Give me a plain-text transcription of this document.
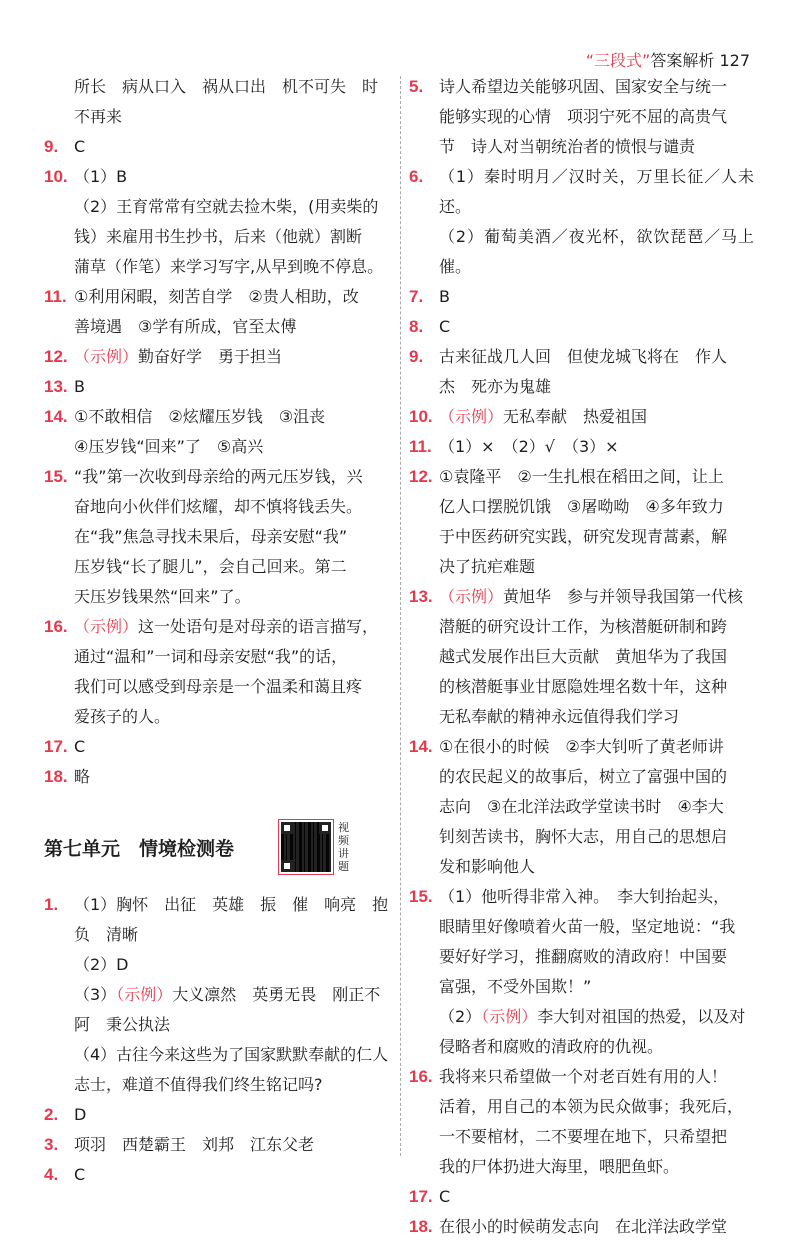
“三段式”答案解析 127
所长　病从口入　祸从口出　机不可失　时
不再来
9. C
10. （1）B
（2）王育常常有空就去捡木柴，(用卖柴的
钱）来雇用书生抄书，后来（他就）割断
蒲草（作笔）来学习写字,从早到晚不停息。
11. ①利用闲暇，刻苦自学　②贵人相助，改
善境遇　③学有所成，官至太傅
12. （示例）勤奋好学　勇于担当
13. B
14. ①不敢相信　②炫耀压岁钱　③沮丧
④压岁钱“回来”了　⑤高兴
15. “我”第一次收到母亲给的两元压岁钱，兴
奋地向小伙伴们炫耀，却不慎将钱丢失。
在“我”焦急寻找未果后，母亲安慰“我”
压岁钱“长了腿儿”，会自己回来。第二
天压岁钱果然“回来”了。
16. （示例）这一处语句是对母亲的语言描写，
通过“温和”一词和母亲安慰“我”的话，
我们可以感受到母亲是一个温柔和蔼且疼
爱孩子的人。
17. C
18. 略
第七单元　情境检测卷
视频讲题
1. （1）胸怀　出征　英雄　振　催　响亮　抱
负　清晰
（2）D
（3）（示例）大义凛然　英勇无畏　刚正不
阿　秉公执法
（4）古往今来这些为了国家默默奉献的仁人
志士，难道不值得我们终生铭记吗?
2. D
3. 项羽　西楚霸王　刘邦　江东父老
4. C
5. 诗人希望边关能够巩固、国家安全与统一
能够实现的心情　项羽宁死不屈的高贵气
节　诗人对当朝统治者的愤恨与谴责
6. （1）秦时明月／汉时关，万里长征／人未还。
（2）葡萄美酒／夜光杯，欲饮琵琶／马上催。
7. B
8. C
9. 古来征战几人回　但使龙城飞将在　作人
杰　死亦为鬼雄
10. （示例）无私奉献　热爱祖国
11. （1）×　（2）√　（3）×
12. ①袁隆平　②一生扎根在稻田之间，让上
亿人口摆脱饥饿　③屠呦呦　④多年致力
于中医药研究实践，研究发现青蒿素，解
决了抗疟难题
13. （示例）黄旭华　参与并领导我国第一代核
潜艇的研究设计工作，为核潜艇研制和跨
越式发展作出巨大贡献　黄旭华为了我国
的核潜艇事业甘愿隐姓埋名数十年，这种
无私奉献的精神永远值得我们学习
14. ①在很小的时候　②李大钊听了黄老师讲
的农民起义的故事后，树立了富强中国的
志向　③在北洋法政学堂读书时　④李大
钊刻苦读书，胸怀大志，用自己的思想启
发和影响他人
15. （1）他听得非常入神。　李大钊抬起头，
眼睛里好像喷着火苗一般，坚定地说：“我
要好好学习，推翻腐败的清政府！中国要
富强，不受外国欺！”
（2）（示例）李大钊对祖国的热爱，以及对
侵略者和腐败的清政府的仇视。
16. 我将来只希望做一个对老百姓有用的人！
活着，用自己的本领为民众做事；我死后，
一不要棺材，二不要埋在地下，只希望把
我的尸体扔进大海里，喂肥鱼虾。
17. C
18. 在很小的时候萌发志向　在北洋法政学堂
